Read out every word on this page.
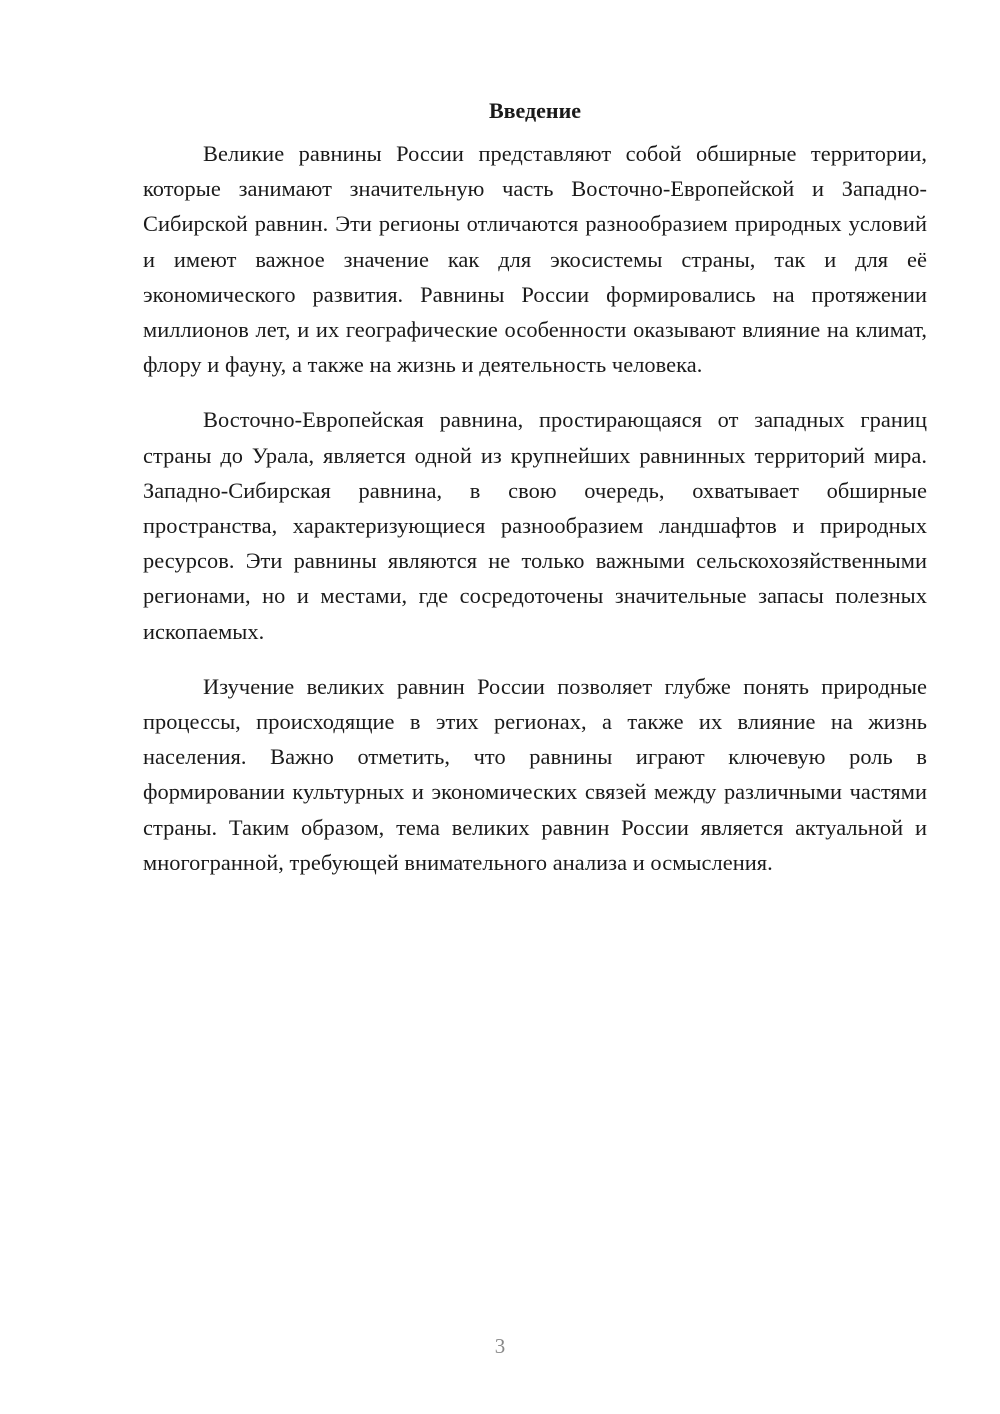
Введение

Великие равнины России представляют собой обширные территории, которые занимают значительную часть Восточно-Европейской и Западно-Сибирской равнин. Эти регионы отличаются разнообразием природных условий и имеют важное значение как для экосистемы страны, так и для её экономического развития. Равнины России формировались на протяжении миллионов лет, и их географические особенности оказывают влияние на климат, флору и фауну, а также на жизнь и деятельность человека.

Восточно-Европейская равнина, простирающаяся от западных границ страны до Урала, является одной из крупнейших равнинных территорий мира. Западно-Сибирская равнина, в свою очередь, охватывает обширные пространства, характеризующиеся разнообразием ландшафтов и природных ресурсов. Эти равнины являются не только важными сельскохозяйственными регионами, но и местами, где сосредоточены значительные запасы полезных ископаемых.

Изучение великих равнин России позволяет глубже понять природные процессы, происходящие в этих регионах, а также их влияние на жизнь населения. Важно отметить, что равнины играют ключевую роль в формировании культурных и экономических связей между различными частями страны. Таким образом, тема великих равнин России является актуальной и многогранной, требующей внимательного анализа и осмысления.

3
